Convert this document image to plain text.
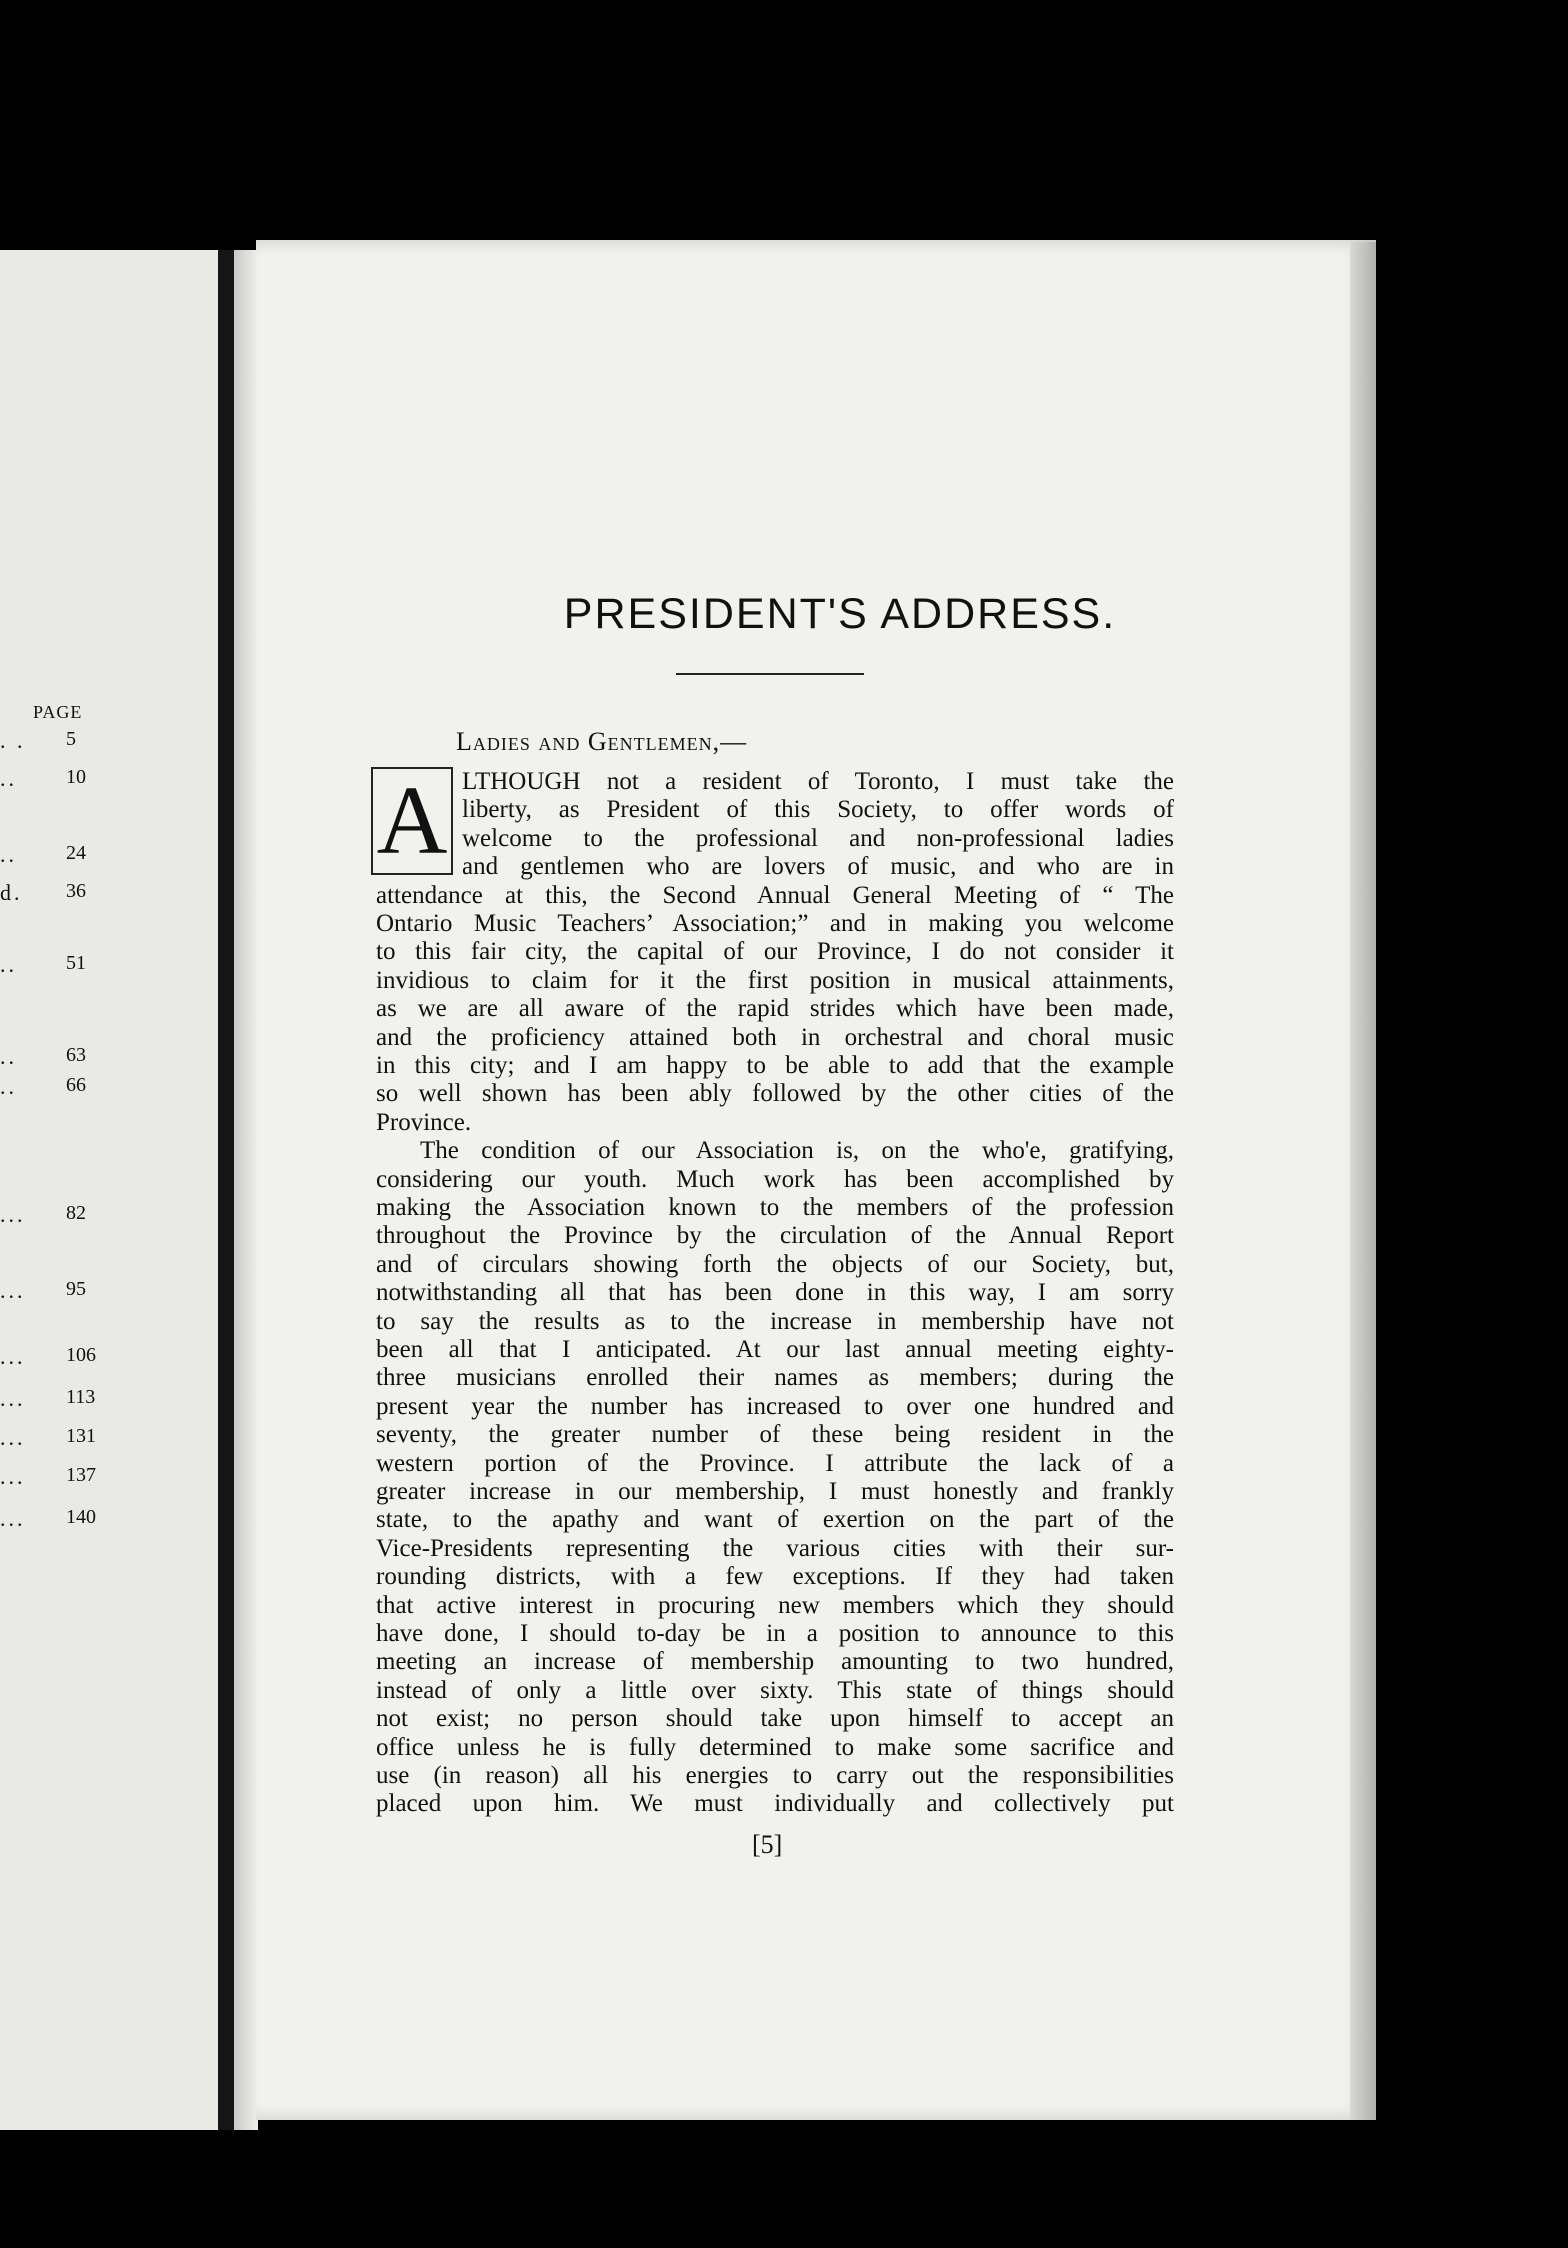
PAGE
. . 5
.. 10
.. 24
d. 36
.. 51
.. 63
.. 66
... 82
... 95
... 106
... 113
... 131
... 137
... 140
PRESIDENT'S ADDRESS.
Ladies and Gentlemen,—
A LTHOUGH not a resident of Toronto, I must take the
liberty, as President of this Society, to offer words of
welcome to the professional and non-professional ladies
and gentlemen who are lovers of music, and who are in
attendance at this, the Second Annual General Meeting of “ The
Ontario Music Teachers’ Association;” and in making you welcome
to this fair city, the capital of our Province, I do not consider it
invidious to claim for it the first position in musical attainments,
as we are all aware of the rapid strides which have been made,
and the proficiency attained both in orchestral and choral music
in this city; and I am happy to be able to add that the example
so well shown has been ably followed by the other cities of the
Province.
The condition of our Association is, on the who'e, gratifying,
considering our youth. Much work has been accomplished by
making the Association known to the members of the profession
throughout the Province by the circulation of the Annual Report
and of circulars showing forth the objects of our Society, but,
notwithstanding all that has been done in this way, I am sorry
to say the results as to the increase in membership have not
been all that I anticipated. At our last annual meeting eighty-
three musicians enrolled their names as members; during the
present year the number has increased to over one hundred and
seventy, the greater number of these being resident in the
western portion of the Province. I attribute the lack of a
greater increase in our membership, I must honestly and frankly
state, to the apathy and want of exertion on the part of the
Vice-Presidents representing the various cities with their sur-
rounding districts, with a few exceptions. If they had taken
that active interest in procuring new members which they should
have done, I should to-day be in a position to announce to this
meeting an increase of membership amounting to two hundred,
instead of only a little over sixty. This state of things should
not exist; no person should take upon himself to accept an
office unless he is fully determined to make some sacrifice and
use (in reason) all his energies to carry out the responsibilities
placed upon him. We must individually and collectively put
[5]
